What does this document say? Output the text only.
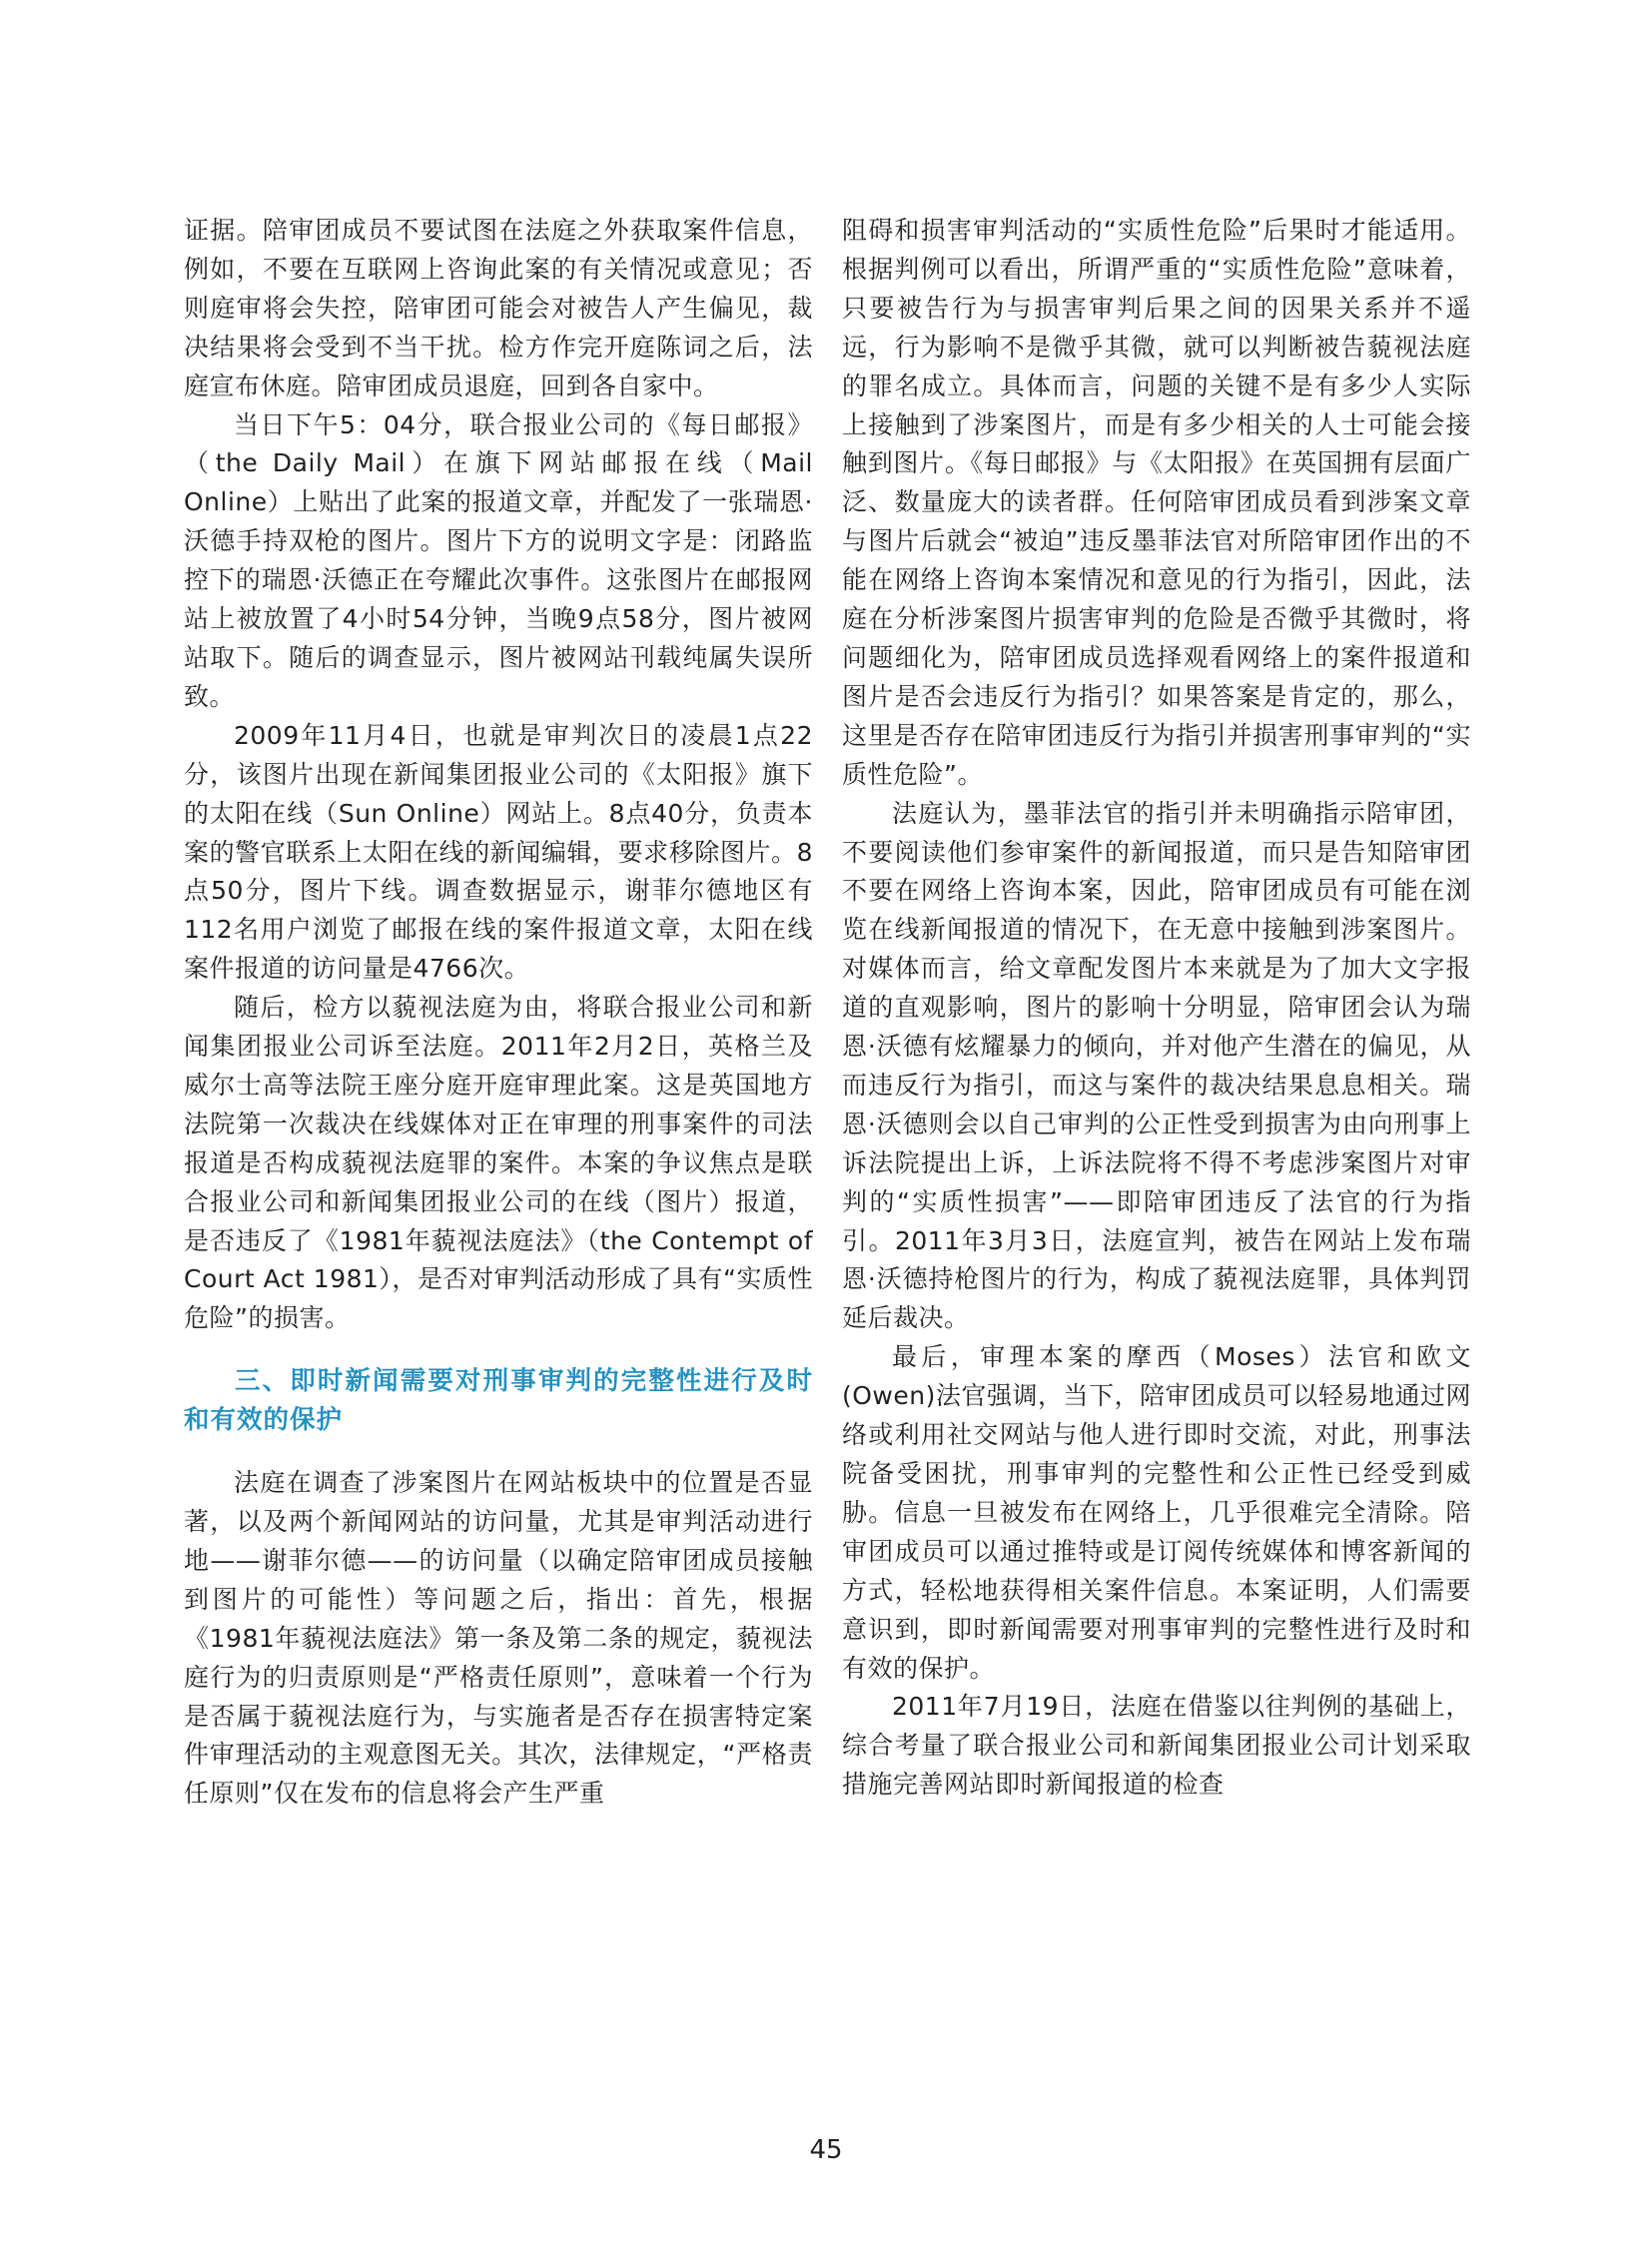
证据。陪审团成员不要试图在法庭之外获取案件信息，例如，不要在互联网上咨询此案的有关情况或意见；否则庭审将会失控，陪审团可能会对被告人产生偏见，裁决结果将会受到不当干扰。检方作完开庭陈词之后，法庭宣布休庭。陪审团成员退庭，回到各自家中。

当日下午5：04分，联合报业公司的《每日邮报》（the Daily Mail）在旗下网站邮报在线（Mail Online）上贴出了此案的报道文章，并配发了一张瑞恩·沃德手持双枪的图片。图片下方的说明文字是：闭路监控下的瑞恩·沃德正在夸耀此次事件。这张图片在邮报网站上被放置了4小时54分钟，当晚9点58分，图片被网站取下。随后的调查显示，图片被网站刊载纯属失误所致。

2009年11月4日，也就是审判次日的凌晨1点22分，该图片出现在新闻集团报业公司的《太阳报》旗下的太阳在线（Sun Online）网站上。8点40分，负责本案的警官联系上太阳在线的新闻编辑，要求移除图片。8点50分，图片下线。调查数据显示，谢菲尔德地区有112名用户浏览了邮报在线的案件报道文章，太阳在线案件报道的访问量是4766次。

随后，检方以藐视法庭为由，将联合报业公司和新闻集团报业公司诉至法庭。2011年2月2日，英格兰及威尔士高等法院王座分庭开庭审理此案。这是英国地方法院第一次裁决在线媒体对正在审理的刑事案件的司法报道是否构成藐视法庭罪的案件。本案的争议焦点是联合报业公司和新闻集团报业公司的在线（图片）报道，是否违反了《1981年藐视法庭法》（the Contempt of Court Act 1981），是否对审判活动形成了具有“实质性危险”的损害。

三、即时新闻需要对刑事审判的完整性进行及时和有效的保护

法庭在调查了涉案图片在网站板块中的位置是否显著，以及两个新闻网站的访问量，尤其是审判活动进行地——谢菲尔德——的访问量（以确定陪审团成员接触到图片的可能性）等问题之后，指出：首先，根据《1981年藐视法庭法》第一条及第二条的规定，藐视法庭行为的归责原则是“严格责任原则”，意味着一个行为是否属于藐视法庭行为，与实施者是否存在损害特定案件审理活动的主观意图无关。其次，法律规定，“严格责任原则”仅在发布的信息将会产生严重

阻碍和损害审判活动的“实质性危险”后果时才能适用。根据判例可以看出，所谓严重的“实质性危险”意味着，只要被告行为与损害审判后果之间的因果关系并不遥远，行为影响不是微乎其微，就可以判断被告藐视法庭的罪名成立。具体而言，问题的关键不是有多少人实际上接触到了涉案图片，而是有多少相关的人士可能会接触到图片。《每日邮报》与《太阳报》在英国拥有层面广泛、数量庞大的读者群。任何陪审团成员看到涉案文章与图片后就会“被迫”违反墨菲法官对所陪审团作出的不能在网络上咨询本案情况和意见的行为指引，因此，法庭在分析涉案图片损害审判的危险是否微乎其微时，将问题细化为，陪审团成员选择观看网络上的案件报道和图片是否会违反行为指引？如果答案是肯定的，那么，这里是否存在陪审团违反行为指引并损害刑事审判的“实质性危险”。

法庭认为，墨菲法官的指引并未明确指示陪审团，不要阅读他们参审案件的新闻报道，而只是告知陪审团不要在网络上咨询本案，因此，陪审团成员有可能在浏览在线新闻报道的情况下，在无意中接触到涉案图片。对媒体而言，给文章配发图片本来就是为了加大文字报道的直观影响，图片的影响十分明显，陪审团会认为瑞恩·沃德有炫耀暴力的倾向，并对他产生潜在的偏见，从而违反行为指引，而这与案件的裁决结果息息相关。瑞恩·沃德则会以自己审判的公正性受到损害为由向刑事上诉法院提出上诉，上诉法院将不得不考虑涉案图片对审判的“实质性损害”——即陪审团违反了法官的行为指引。2011年3月3日，法庭宣判，被告在网站上发布瑞恩·沃德持枪图片的行为，构成了藐视法庭罪，具体判罚延后裁决。

最后，审理本案的摩西（Moses）法官和欧文(Owen)法官强调，当下，陪审团成员可以轻易地通过网络或利用社交网站与他人进行即时交流，对此，刑事法院备受困扰，刑事审判的完整性和公正性已经受到威胁。信息一旦被发布在网络上，几乎很难完全清除。陪审团成员可以通过推特或是订阅传统媒体和博客新闻的方式，轻松地获得相关案件信息。本案证明，人们需要意识到，即时新闻需要对刑事审判的完整性进行及时和有效的保护。

2011年7月19日，法庭在借鉴以往判例的基础上，综合考量了联合报业公司和新闻集团报业公司计划采取措施完善网站即时新闻报道的检查

45
